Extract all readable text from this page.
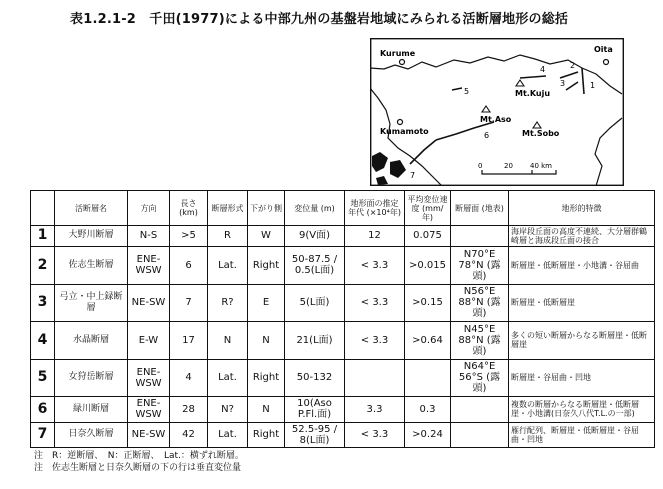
表1.2.1-2　千田(1977)による中部九州の基盤岩地域にみられる活断層地形の総括
Oita
Kurume
Mt.Kuju
Mt.Aso
Mt.Sobo
Kumamoto
1
2
3
4
5
6
7
0	20 40 km
	活断層名	方向	長さ (km)	断層形式	下がり側	変位量 (m)	地形面の推定年代 (×10⁴年)	平均変位速度 (mm/年)	断層面 (地表)	地形的特徴
1	大野川断層	N-S	>5	R	W	9(Ⅴ面)	12	0.075		海岸段丘面の高度不連続、大分層群鶴崎層と海成段丘面の接合
2	佐志生断層	ENE-WSW	6	Lat.	Right	50-87.5 / 0.5(L面)	< 3.3	>0.015	N70°E 78°N (露頭)	断層崖・低断層崖・小地溝・谷屈曲
3	弓立・中上録断層	NE-SW	7	R?	E	5(L面)	< 3.3	>0.15	N56°E 88°N (露頭)	断層崖・低断層崖
4	水晶断層	E-W	17	N	N	21(L面)	< 3.3	>0.64	N45°E 88°N (露頭)	多くの短い断層からなる断層崖・低断層崖
5	女狩岳断層	ENE-WSW	4	Lat.	Right	50-132			N64°E 56°S (露頭)	断層崖・谷屈曲・凹地
6	緑川断層	ENE-WSW	28	N?	N	10(Aso P.Fl.面)	3.3	0.3		複数の断層からなる断層崖・低断層崖・小地溝(日奈久八代T.L.の一部)
7	日奈久断層	NE-SW	42	Lat.	Right	52.5-95 / 8(L面)	< 3.3	>0.24		雁行配列、断層崖・低断層崖・谷屈曲・凹地
注　R：逆断層、　N：正断層、　Lat.：横ずれ断層。
注　佐志生断層と日奈久断層の下の行は垂直変位量
